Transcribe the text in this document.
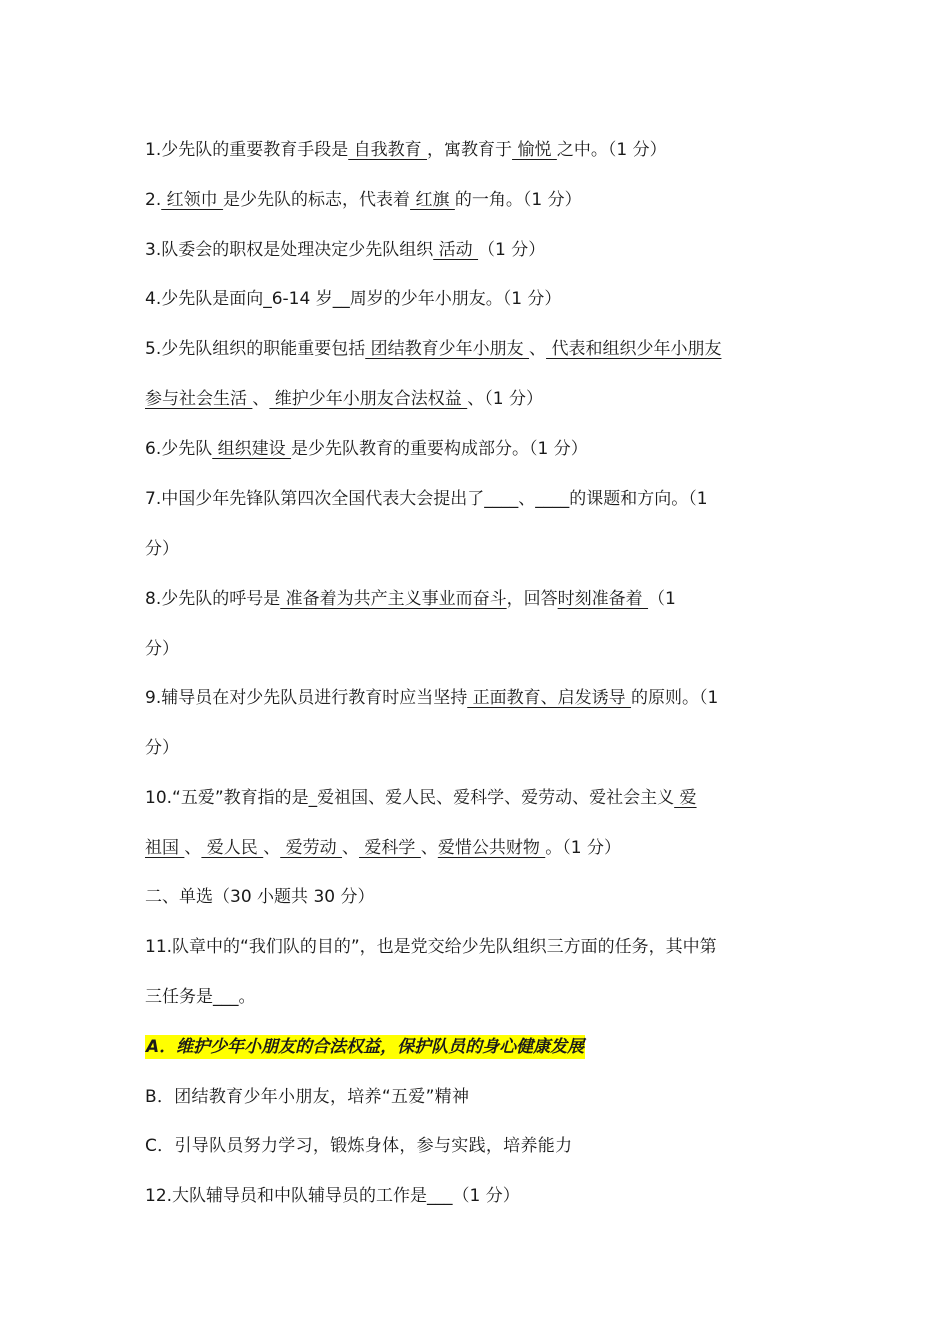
1.少先队的重要教育手段是 自我教育 ，寓教育于 愉悦 之中。（1 分）
2. 红领巾 是少先队的标志，代表着 红旗 的一角。（1 分）
3.队委会的职权是处理决定少先队组织 活动 （1 分）
4.少先队是面向_6-14 岁__周岁的少年小朋友。（1 分）
5.少先队组织的职能重要包括 团结教育少年小朋友 、 代表和组织少年小朋友
参与社会生活 、 维护少年小朋友合法权益 、（1 分）
6.少先队 组织建设 是少先队教育的重要构成部分。（1 分）
7.中国少年先锋队第四次全国代表大会提出了____、____的课题和方向。（1
分）
8.少先队的呼号是 准备着为共产主义事业而奋斗，回答时刻准备着 （1
分）
9.辅导员在对少先队员进行教育时应当坚持 正面教育、启发诱导 的原则。（1
分）
10.“五爱”教育指的是_爱祖国、爱人民、爱科学、爱劳动、爱社会主义 爱
祖国 、 爱人民 、 爱劳动 、 爱科学 、爱惜公共财物 。（1 分）
二、单选（30 小题共 30 分）
11.队章中的“我们队的目的”，也是党交给少先队组织三方面的任务，其中第
三任务是___。
A．维护少年小朋友的合法权益，保护队员的身心健康发展
B．团结教育少年小朋友，培养“五爱”精神
C．引导队员努力学习，锻炼身体，参与实践，培养能力
12.大队辅导员和中队辅导员的工作是___（1 分）
